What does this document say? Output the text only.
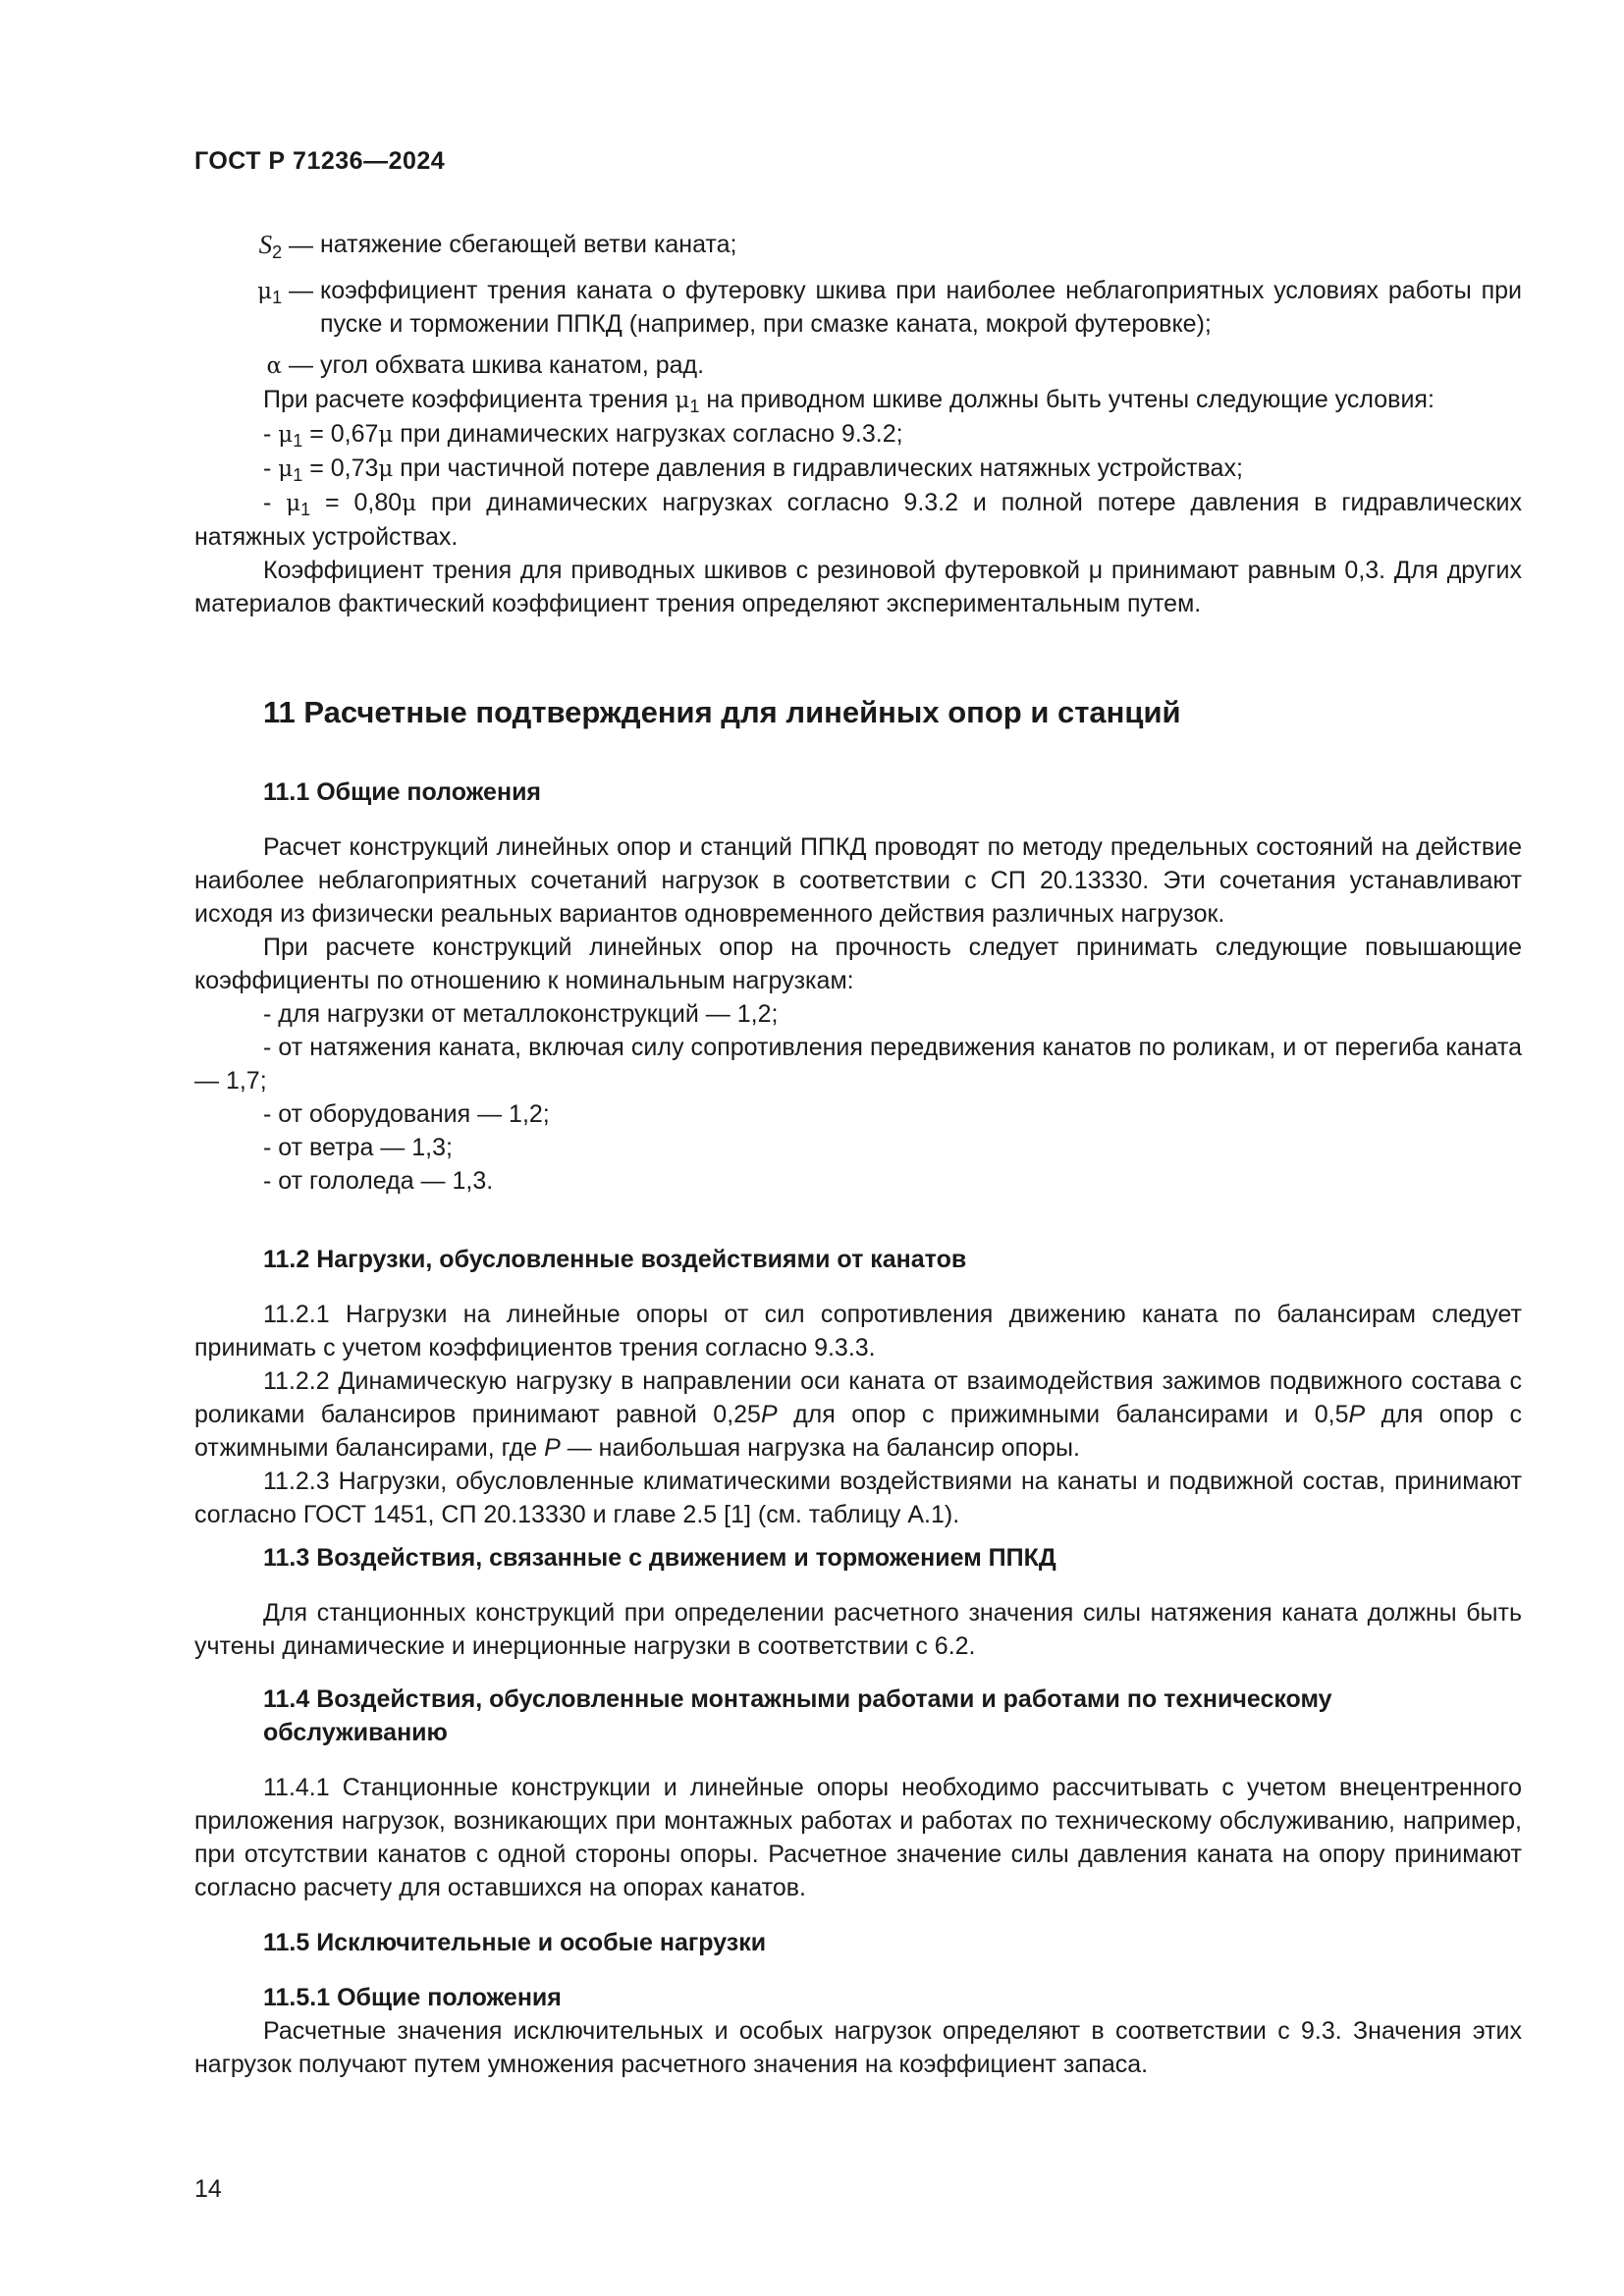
ГОСТ Р 71236—2024
$S_2$ — натяжение сбегающей ветви каната;
$\mu_1$ — коэффициент трения каната о футеровку шкива при наиболее неблагоприятных условиях работы при пуске и торможении ППКД (например, при смазке каната, мокрой футеровке);
α — угол обхвата шкива канатом, рад.

При расчете коэффициента трения $\mu_1$ на приводном шкиве должны быть учтены следующие условия:

- $\mu_1 = 0,67\mu$ при динамических нагрузках согласно 9.3.2;

- $\mu_1 = 0,73\mu$ при частичной потере давления в гидравлических натяжных устройствах;

- $\mu_1 = 0,80\mu$ при динамических нагрузках согласно 9.3.2 и полной потере давления в гидравлических натяжных устройствах.

Коэффициент трения для приводных шкивов с резиновой футеровкой μ принимают равным 0,3. Для других материалов фактический коэффициент трения определяют экспериментальным путем.

11 Расчетные подтверждения для линейных опор и станций
11.1 Общие положения

Расчет конструкций линейных опор и станций ППКД проводят по методу предельных состояний на действие наиболее неблагоприятных сочетаний нагрузок в соответствии с СП 20.13330. Эти сочетания устанавливают исходя из физически реальных вариантов одновременного действия различных нагрузок.

При расчете конструкций линейных опор на прочность следует принимать следующие повышающие коэффициенты по отношению к номинальным нагрузкам:

- для нагрузки от металлоконструкций — 1,2;

- от натяжения каната, включая силу сопротивления передвижения канатов по роликам, и от перегиба каната — 1,7;

- от оборудования — 1,2;

- от ветра — 1,3;

- от гололеда — 1,3.

11.2 Нагрузки, обусловленные воздействиями от канатов

11.2.1 Нагрузки на линейные опоры от сил сопротивления движению каната по балансирам следует принимать с учетом коэффициентов трения согласно 9.3.3.

11.2.2 Динамическую нагрузку в направлении оси каната от взаимодействия зажимов подвижного состава с роликами балансиров принимают равной 0,25P для опор с прижимными балансирами и 0,5P для опор с отжимными балансирами, где P — наибольшая нагрузка на балансир опоры.

11.2.3 Нагрузки, обусловленные климатическими воздействиями на канаты и подвижной состав, принимают согласно ГОСТ 1451, СП 20.13330 и главе 2.5 [1] (см. таблицу А.1).

11.3 Воздействия, связанные с движением и торможением ППКД

Для станционных конструкций при определении расчетного значения силы натяжения каната должны быть учтены динамические и инерционные нагрузки в соответствии с 6.2.

11.4 Воздействия, обусловленные монтажными работами и работами по техническому обслуживанию

11.4.1 Станционные конструкции и линейные опоры необходимо рассчитывать с учетом внецентренного приложения нагрузок, возникающих при монтажных работах и работах по техническому обслуживанию, например, при отсутствии канатов с одной стороны опоры. Расчетное значение силы давления каната на опору принимают согласно расчету для оставшихся на опорах канатов.

11.5 Исключительные и особые нагрузки
11.5.1 Общие положения

Расчетные значения исключительных и особых нагрузок определяют в соответствии с 9.3. Значения этих нагрузок получают путем умножения расчетного значения на коэффициент запаса.

14
